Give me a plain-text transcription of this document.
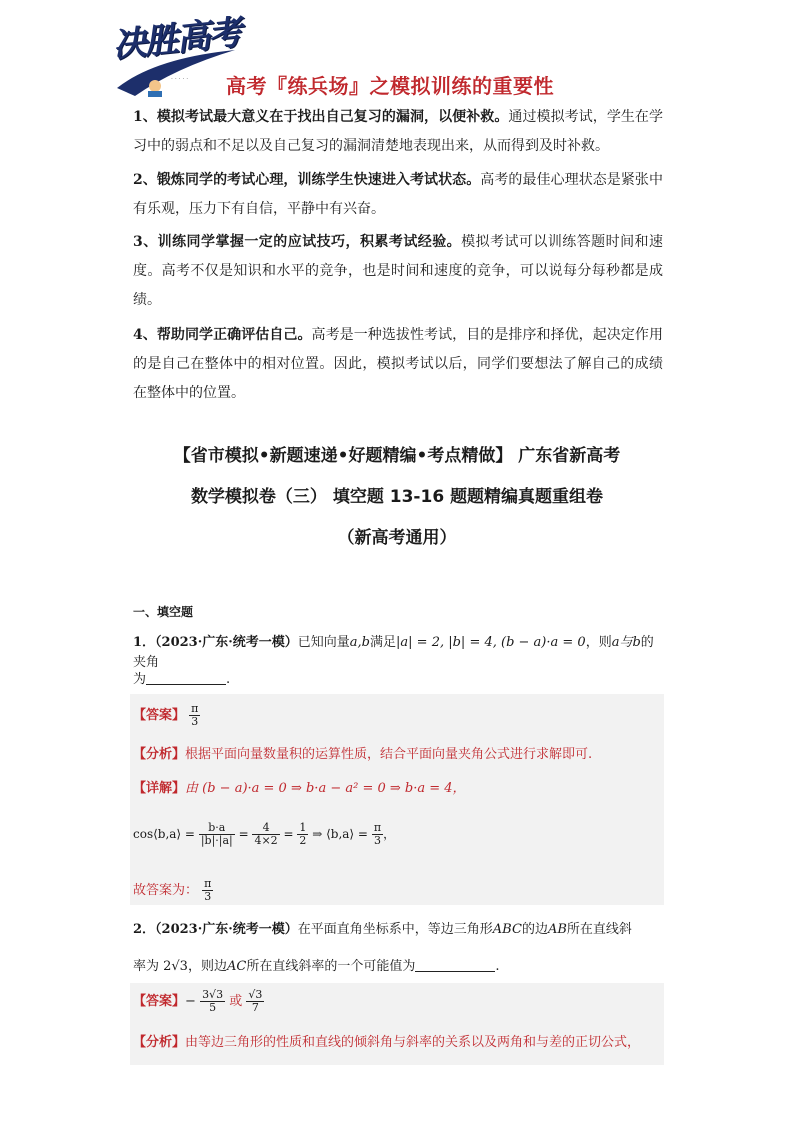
决胜高考
· · · · ·	高考『练兵场』之模拟训练的重要性
1、模拟考试最大意义在于找出自己复习的漏洞，以便补救。通过模拟考试，学生在学习中的弱点和不足以及自己复习的漏洞清楚地表现出来，从而得到及时补救。
2、锻炼同学的考试心理，训练学生快速进入考试状态。高考的最佳心理状态是紧张中有乐观，压力下有自信，平静中有兴奋。
3、训练同学掌握一定的应试技巧，积累考试经验。模拟考试可以训练答题时间和速度。高考不仅是知识和水平的竞争，也是时间和速度的竞争，可以说每分每秒都是成绩。
4、帮助同学正确评估自己。高考是一种选拔性考试，目的是排序和择优，起决定作用的是自己在整体中的相对位置。因此，模拟考试以后，同学们要想法了解自己的成绩在整体中的位置。
【省市模拟•新题速递•好题精编•考点精做】 广东省新高考
数学模拟卷（三） 填空题 13-16 题题精编真题重组卷
（新高考通用）
一、填空题
1．（2023·广东·统考一模）已知向量a,b满足|a| = 2, |b| = 4, (b − a)·a = 0，则a与b的夹角
为	.
【答案】 $\frac{\pi}{3}$
【分析】根据平面向量数量积的运算性质，结合平面向量夹角公式进行求解即可.
【详解】由 (b − a)·a = 0 ⇒ b·a − a² = 0 ⇒ b·a = 4，
cos⟨b,a⟩ = $\frac{b\cdot a}{|b|\cdot|a|} = \frac{4}{4\times 2} = \frac{1}{2}$ ⇒ ⟨b,a⟩ = $\frac{\pi}{3}$ ，
故答案为： $\frac{\pi}{3}$
2．（2023·广东·统考一模）在平面直角坐标系中，等边三角形ABC的边AB所在直线斜
率为 2√3，则边AC所在直线斜率的一个可能值为	.
【答案】− $\frac{3√3}{5}$ 或 $\frac{√3}{7}$
【分析】由等边三角形的性质和直线的倾斜角与斜率的关系以及两角和与差的正切公式，
